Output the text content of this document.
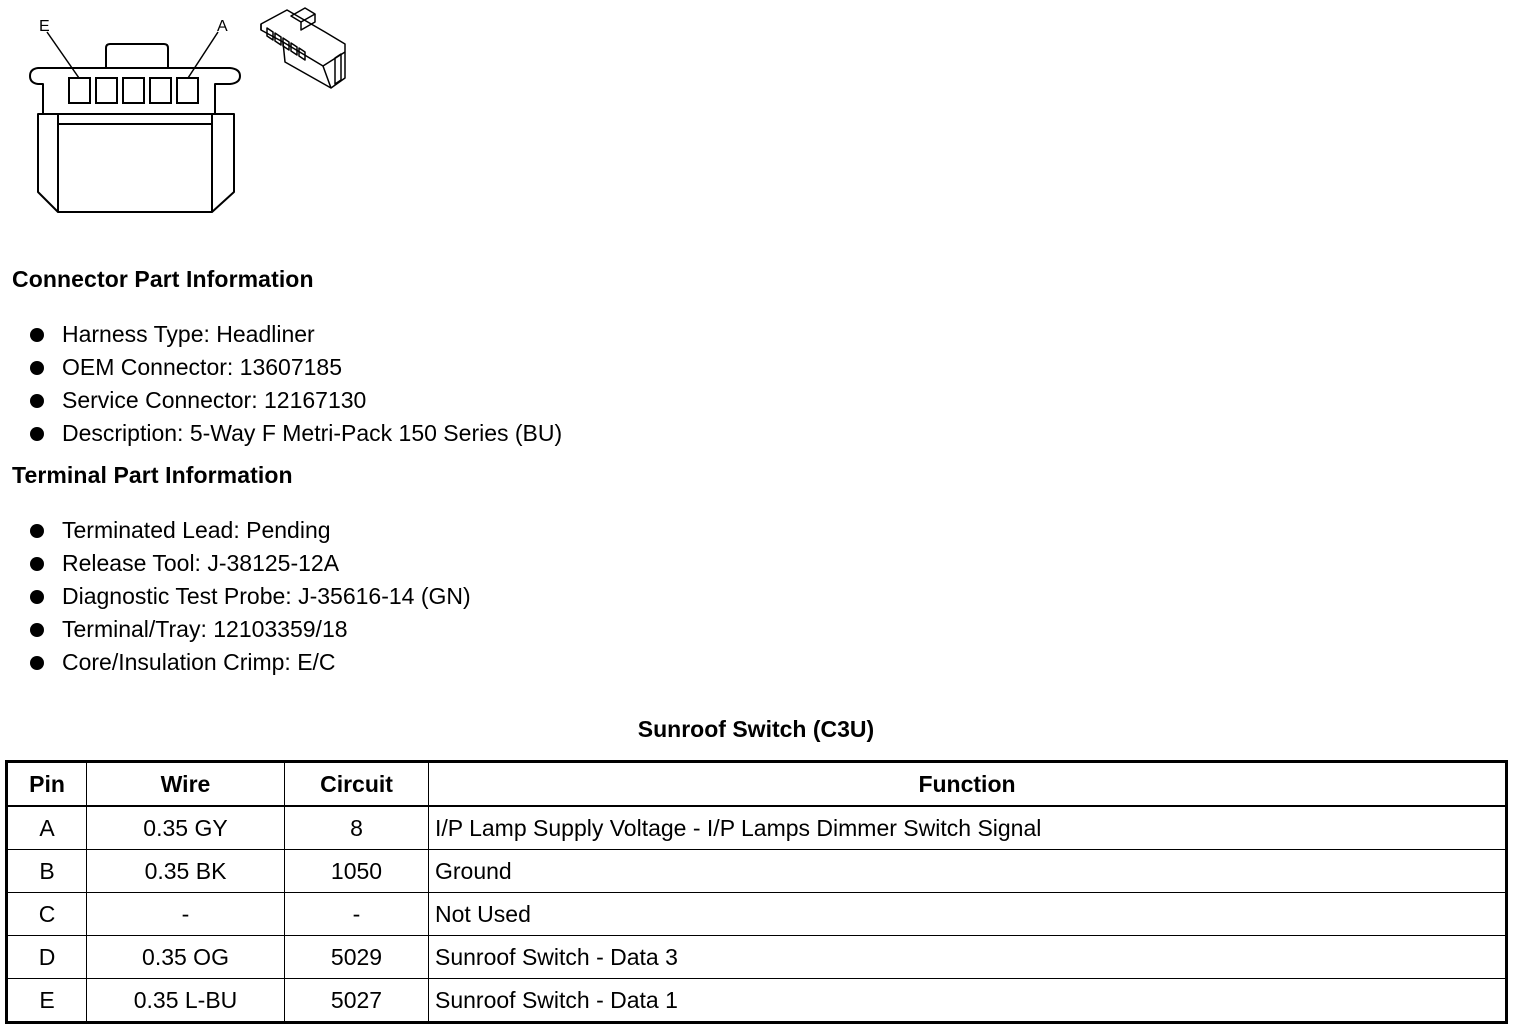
E	A
Connector Part Information
Harness Type: Headliner
OEM Connector: 13607185
Service Connector: 12167130
Description: 5-Way F Metri-Pack 150 Series (BU)
Terminal Part Information
Terminated Lead: Pending
Release Tool: J-38125-12A
Diagnostic Test Probe: J-35616-14 (GN)
Terminal/Tray: 12103359/18
Core/Insulation Crimp: E/C
Sunroof Switch (C3U)
Pin	Wire	Circuit	Function
A	0.35 GY	8	I/P Lamp Supply Voltage - I/P Lamps Dimmer Switch Signal
B	0.35 BK	1050	Ground
C	-	-	Not Used
D	0.35 OG	5029	Sunroof Switch - Data 3
E	0.35 L-BU	5027	Sunroof Switch - Data 1
